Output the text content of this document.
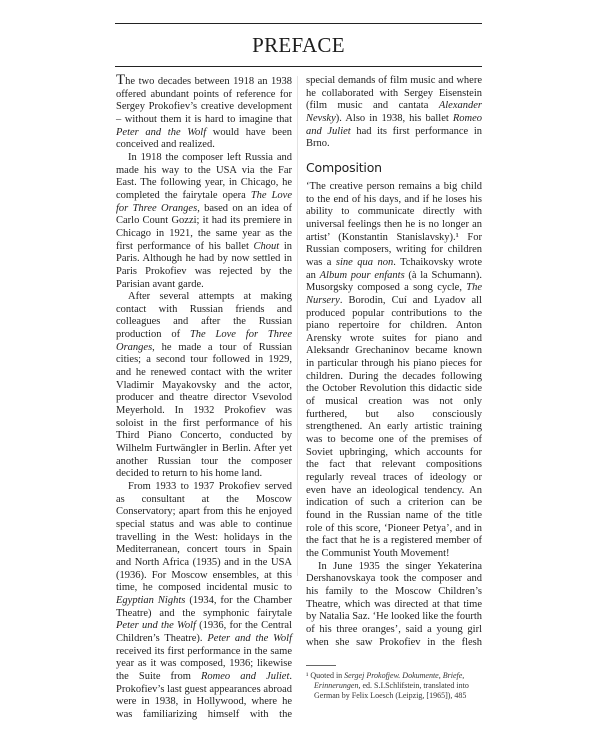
PREFACE

The two decades between 1918 an 1938 offered abundant points of reference for Sergey Prokofiev’s creative development – without them it is hard to imagine that Peter and the Wolf would have been conceived and realized.

In 1918 the composer left Russia and made his way to the USA via the Far East. The following year, in Chicago, he completed the fairytale opera The Love for Three Oranges, based on an idea of Carlo Count Gozzi; it had its premiere in Chicago in 1921, the same year as the first performance of his ballet Chout in Paris. Although he had by now settled in Paris Prokofiev was rejected by the Parisian avant garde.

After several attempts at making contact with Russian friends and colleagues and after the Russian production of The Love for Three Oranges, he made a tour of Russian cities; a second tour followed in 1929, and he renewed contact with the writer Vladimir Mayakovsky and the actor, producer and theatre director Vsevolod Meyerhold. In 1932 Prokofiev was soloist in the first performance of his Third Piano Concerto, conducted by Wilhelm Furtwängler in Berlin. After yet another Russian tour the composer decided to return to his home land.

From 1933 to 1937 Prokofiev served as consultant at the Moscow Conservatory; apart from this he enjoyed special status and was able to continue travelling in the West: holidays in the Mediterranean, concert tours in Spain and North Africa (1935) and in the USA (1936). For Moscow ensembles, at this time, he composed incidental music to Egyptian Nights (1934, for the Chamber Theatre) and the symphonic fairytale Peter und the Wolf (1936, for the Central Children’s Theatre). Peter and the Wolf received its first performance in the same year as it was composed, 1936; likewise the Suite from Romeo and Juliet. Prokofiev’s last guest appearances abroad were in 1938, in Hollywood, where he was familiarizing himself with the

special demands of film music and where he collaborated with Sergey Eisenstein (film music and cantata Alexander Nevsky). Also in 1938, his ballet Romeo and Juliet had its first performance in Brno.

Composition

‘The creative person remains a big child to the end of his days, and if he loses his ability to communicate directly with universal feelings then he is no longer an artist’ (Konstantin Stanislavsky).¹ For Russian composers, writing for children was a sine qua non. Tchaikovsky wrote an Album pour enfants (à la Schumann). Musorgsky composed a song cycle, The Nursery. Borodin, Cuí and Lyadov all produced popular contributions to the piano repertoire for children. Anton Arensky wrote suites for piano and Aleksandr Grechaninov became known in particular through his piano pieces for children. During the decades following the October Revolution this didactic side of musical creation was not only furthered, but also consciously strengthened. An early artistic training was to become one of the premises of Soviet upbringing, which accounts for the fact that relevant compositions regularly reveal traces of ideology or even have an ideological tendency. An indication of such a criterion can be found in the Russian name of the title role of this score, ‘Pioneer Petya’, and in the fact that he is a registered member of the Communist Youth Movement!

In June 1935 the singer Yekaterina Dershanovskaya took the composer and his family to the Moscow Children’s Theatre, which was directed at that time by Natalia Saz. ‘He looked like the fourth of his three oranges’, said a young girl when she saw Prokofiev in the flesh

¹ Quoted in Sergej Prokofjew. Dokumente, Briefe, Erinnerungen, ed. S.I.Schlifstein, translated into German by Felix Loesch (Leipzig, [1965]), 485
